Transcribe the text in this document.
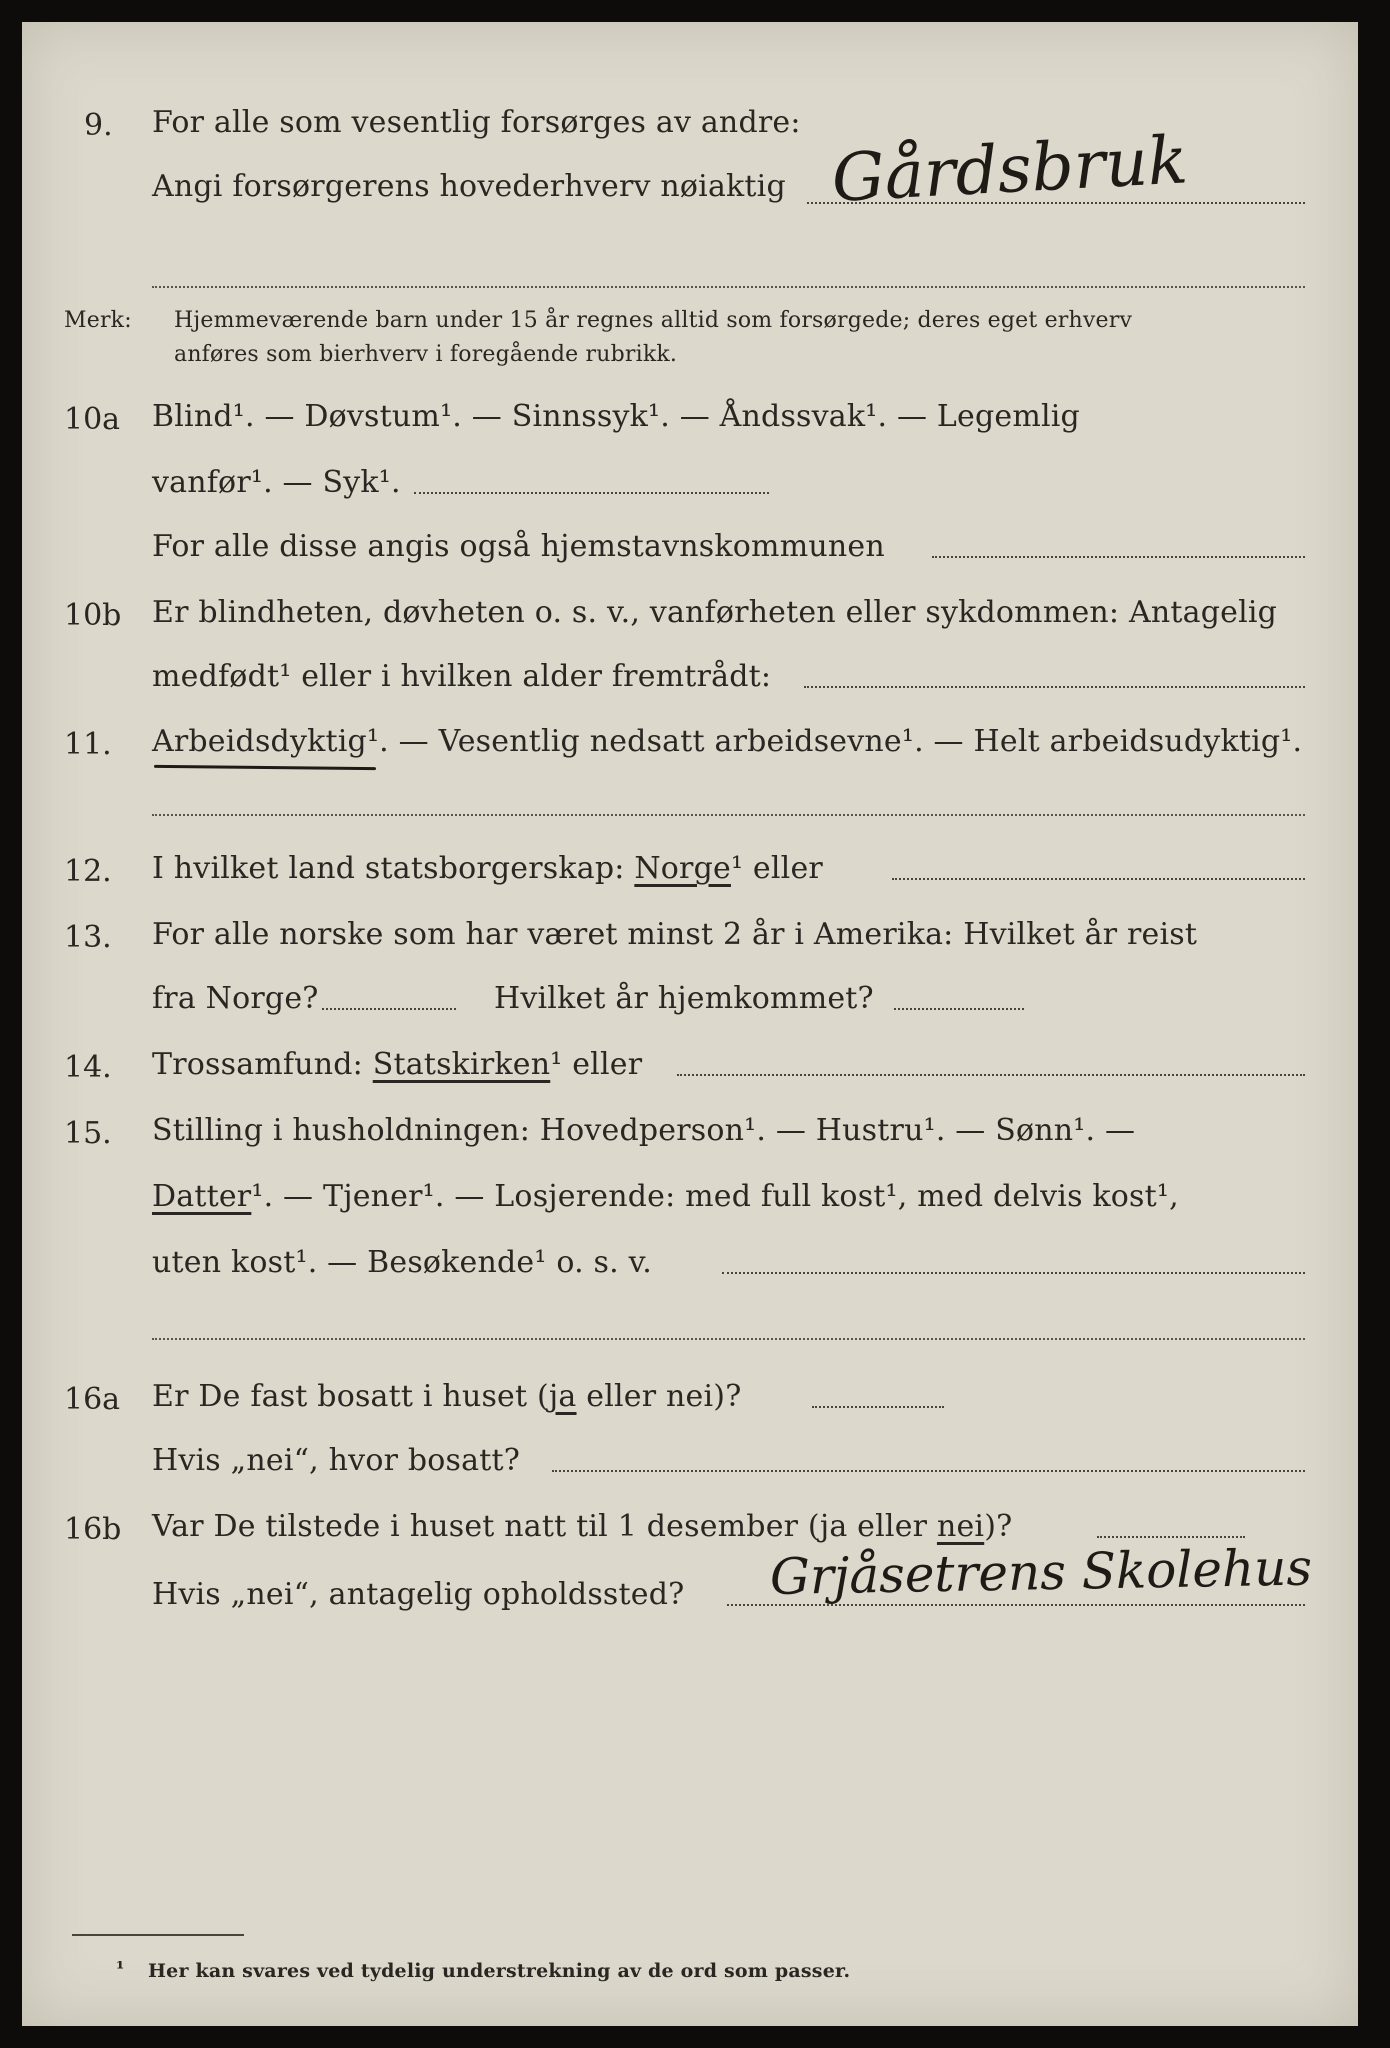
9. For alle som vesentlig forsørges av andre:
Angi forsørgerens hovederhverv nøiaktig Gårdsbruk
Merk: Hjemmeværende barn under 15 år regnes alltid som forsørgede; deres eget erhverv
anføres som bierhverv i foregående rubrikk.
10a Blind¹. — Døvstum¹. — Sinnssyk¹. — Åndssvak¹. — Legemlig
vanfør¹. — Syk¹.
For alle disse angis også hjemstavnskommunen
10b Er blindheten, døvheten o. s. v., vanførheten eller sykdommen: Antagelig
medfødt¹ eller i hvilken alder fremtrådt:
11. Arbeidsdyktig¹. — Vesentlig nedsatt arbeidsevne¹. — Helt arbeidsudyktig¹.
12. I hvilket land statsborgerskap: Norge¹ eller
13. For alle norske som har været minst 2 år i Amerika: Hvilket år reist
fra Norge?	Hvilket år hjemkommet?
14. Trossamfund: Statskirken¹ eller
15. Stilling i husholdningen: Hovedperson¹. — Hustru¹. — Sønn¹. —
Datter¹. — Tjener¹. — Losjerende: med full kost¹, med delvis kost¹,
uten kost¹. — Besøkende¹ o. s. v.
16a Er De fast bosatt i huset (ja eller nei)?
Hvis „nei“, hvor bosatt?
16b Var De tilstede i huset natt til 1 desember (ja eller nei)?
Hvis „nei“, antagelig opholdssted? Grjåsetrens Skolehus
¹ Her kan svares ved tydelig understrekning av de ord som passer.
